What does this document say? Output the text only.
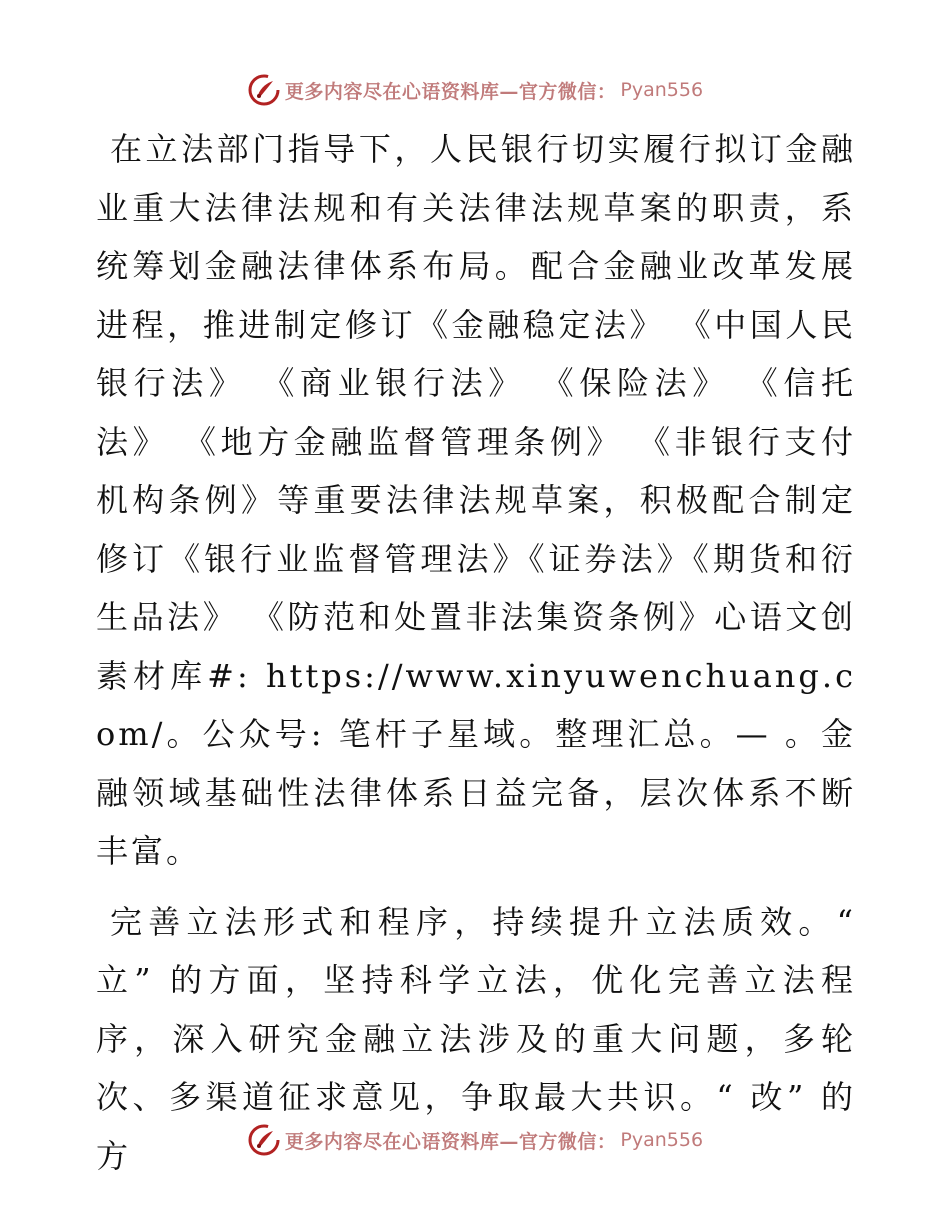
更多内容尽在心语资料库—官方微信： Pyan556

在立法部门指导下，人民银行切实履行拟订金融业重大法律法规和有关法律法规草案的职责，系统筹划金融法律体系布局。配合金融业改革发展进程，推进制定修订《金融稳定法》 《中国人民银行法》 《商业银行法》 《保险法》 《信托法》 《地方金融监督管理条例》 《非银行支付机构条例》等重要法律法规草案，积极配合制定修订《银行业监督管理法》《证券法》《期货和衍生品法》 《防范和处置非法集资条例》心语文创素材库#: https://www.xinyuwenchuang.com/。公众号: 笔杆子星域。整理汇总。— 。金融领域基础性法律体系日益完备，层次体系不断丰富。

完善立法形式和程序，持续提升立法质效。“ 立” 的方面，坚持科学立法，优化完善立法程序，深入研究金融立法涉及的重大问题，多轮次、多渠道征求意见，争取最大共识。“ 改” 的方	更多内容尽在心语资料库—官方微信： Pyan556
